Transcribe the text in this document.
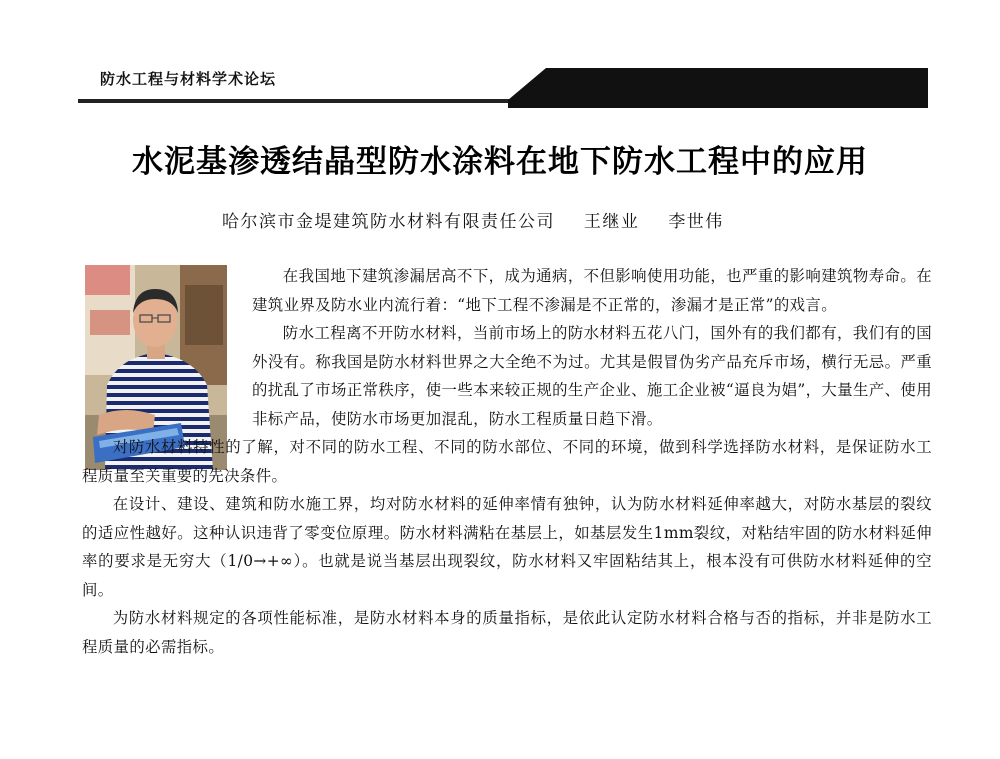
防水工程与材料学术论坛
水泥基渗透结晶型防水涂料在地下防水工程中的应用
哈尔滨市金堤建筑防水材料有限责任公司 王继业 李世伟

在我国地下建筑渗漏居高不下，成为通病，不但影响使用功能，也严重的影响建筑物寿命。在建筑业界及防水业内流行着：“地下工程不渗漏是不正常的，渗漏才是正常”的戏言。

防水工程离不开防水材料，当前市场上的防水材料五花八门，国外有的我们都有，我们有的国外没有。称我国是防水材料世界之大全绝不为过。尤其是假冒伪劣产品充斥市场，横行无忌。严重的扰乱了市场正常秩序，使一些本来较正规的生产企业、施工企业被“逼良为娼”，大量生产、使用非标产品，使防水市场更加混乱，防水工程质量日趋下滑。

对防水材料特性的了解，对不同的防水工程、不同的防水部位、不同的环境，做到科学选择防水材料，是保证防水工程质量至关重要的先决条件。

在设计、建设、建筑和防水施工界，均对防水材料的延伸率情有独钟，认为防水材料延伸率越大，对防水基层的裂纹的适应性越好。这种认识违背了零变位原理。防水材料满粘在基层上，如基层发生1mm裂纹，对粘结牢固的防水材料延伸率的要求是无穷大（1/0→+∞）。也就是说当基层出现裂纹，防水材料又牢固粘结其上，根本没有可供防水材料延伸的空间。

为防水材料规定的各项性能标准，是防水材料本身的质量指标，是依此认定防水材料合格与否的指标，并非是防水工程质量的必需指标。
